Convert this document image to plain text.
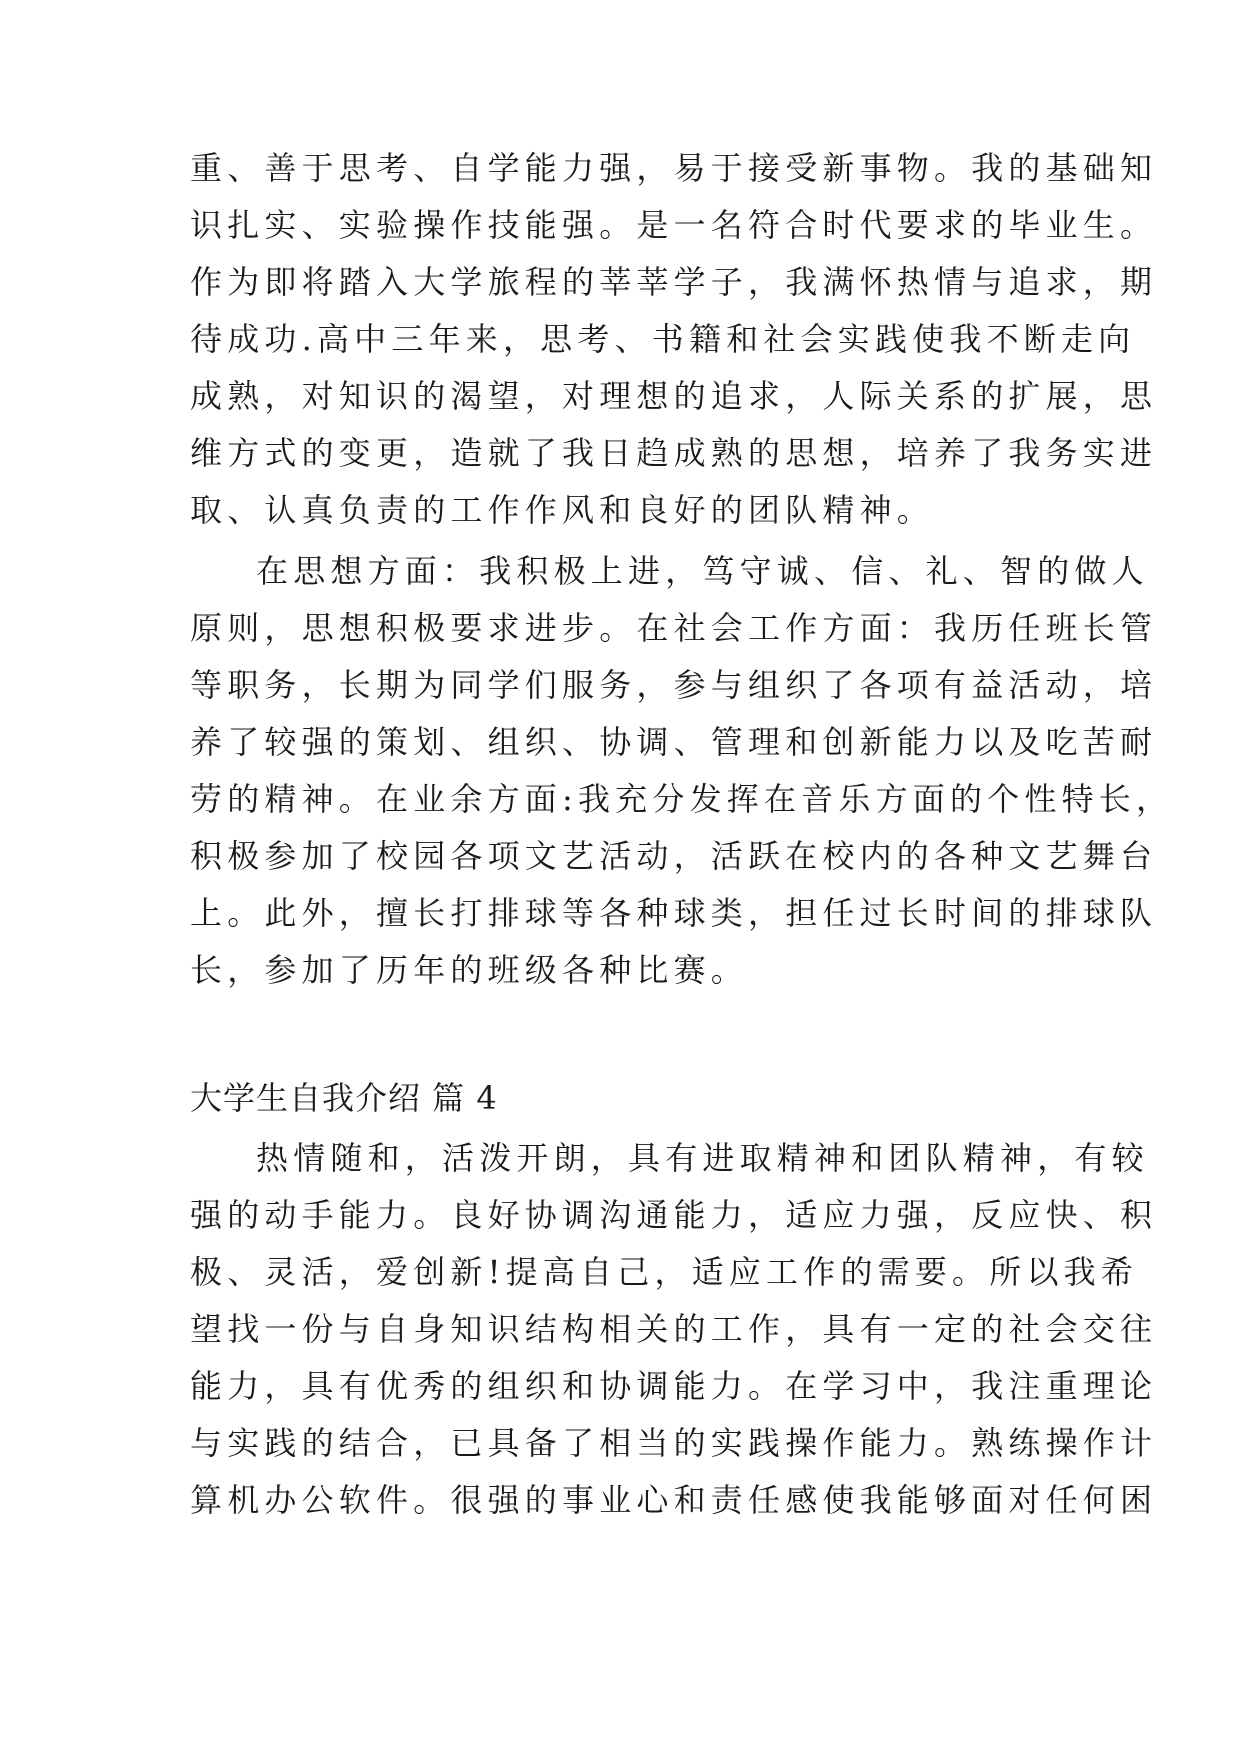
重、善于思考、自学能力强，易于接受新事物。我的基础知
识扎实、实验操作技能强。是一名符合时代要求的毕业生。
作为即将踏入大学旅程的莘莘学子，我满怀热情与追求，期
待成功.高中三年来，思考、书籍和社会实践使我不断走向
成熟，对知识的渴望，对理想的追求，人际关系的扩展，思
维方式的变更，造就了我日趋成熟的思想，培养了我务实进
取、认真负责的工作作风和良好的团队精神。
在思想方面：我积极上进，笃守诚、信、礼、智的做人
原则，思想积极要求进步。在社会工作方面：我历任班长管
等职务，长期为同学们服务，参与组织了各项有益活动，培
养了较强的策划、组织、协调、管理和创新能力以及吃苦耐
劳的精神。在业余方面:我充分发挥在音乐方面的个性特长，
积极参加了校园各项文艺活动，活跃在校内的各种文艺舞台
上。此外，擅长打排球等各种球类，担任过长时间的排球队
长，参加了历年的班级各种比赛。
大学生自我介绍 篇 4
热情随和，活泼开朗，具有进取精神和团队精神，有较
强的动手能力。良好协调沟通能力，适应力强，反应快、积
极、灵活，爱创新!提高自己，适应工作的需要。所以我希
望找一份与自身知识结构相关的工作，具有一定的社会交往
能力，具有优秀的组织和协调能力。在学习中，我注重理论
与实践的结合，已具备了相当的实践操作能力。熟练操作计
算机办公软件。很强的事业心和责任感使我能够面对任何困
